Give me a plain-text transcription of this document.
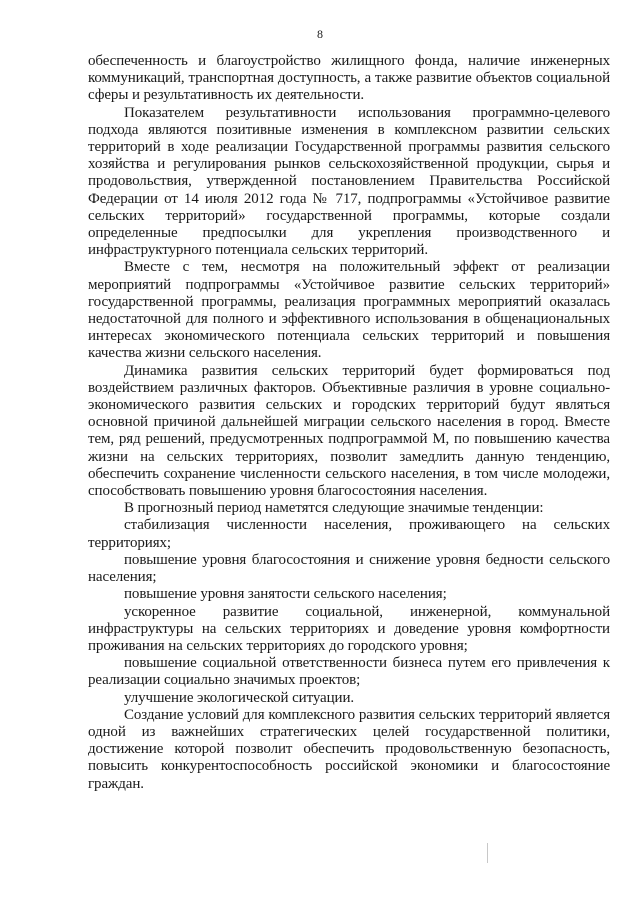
8

обеспеченность и благоустройство жилищного фонда, наличие инженерных коммуникаций, транспортная доступность, а также развитие объектов социальной сферы и результативность их деятельности.

Показателем результативности использования программно-целевого подхода являются позитивные изменения в комплексном развитии сельских территорий в ходе реализации Государственной программы развития сельского хозяйства и регулирования рынков сельскохозяйственной продукции, сырья и продовольствия, утвержденной постановлением Правительства Российской Федерации от 14 июля 2012 года № 717, подпрограммы «Устойчивое развитие сельских территорий» государственной программы, которые создали определенные предпосылки для укрепления производственного и инфраструктурного потенциала сельских территорий.

Вместе с тем, несмотря на положительный эффект от реализации мероприятий подпрограммы «Устойчивое развитие сельских территорий» государственной программы, реализация программных мероприятий оказалась недостаточной для полного и эффективного использования в общенациональных интересах экономического потенциала сельских территорий и повышения качества жизни сельского населения.

Динамика развития сельских территорий будет формироваться под воздействием различных факторов. Объективные различия в уровне социально-экономического развития сельских и городских территорий будут являться основной причиной дальнейшей миграции сельского населения в город. Вместе тем, ряд решений, предусмотренных подпрограммой М, по повышению качества жизни на сельских территориях, позволит замедлить данную тенденцию, обеспечить сохранение численности сельского населения, в том числе молодежи, способствовать повышению уровня благосостояния населения.

В прогнозный период наметятся следующие значимые тенденции:

стабилизация численности населения, проживающего на сельских территориях;

повышение уровня благосостояния и снижение уровня бедности сельского населения;

повышение уровня занятости сельского населения;

ускоренное развитие социальной, инженерной, коммунальной инфраструктуры на сельских территориях и доведение уровня комфортности проживания на сельских территориях до городского уровня;

повышение социальной ответственности бизнеса путем его привлечения к реализации социально значимых проектов;

улучшение экологической ситуации.

Создание условий для комплексного развития сельских территорий является одной из важнейших стратегических целей государственной политики, достижение которой позволит обеспечить продовольственную безопасность, повысить конкурентоспособность российской экономики и благосостояние граждан.
